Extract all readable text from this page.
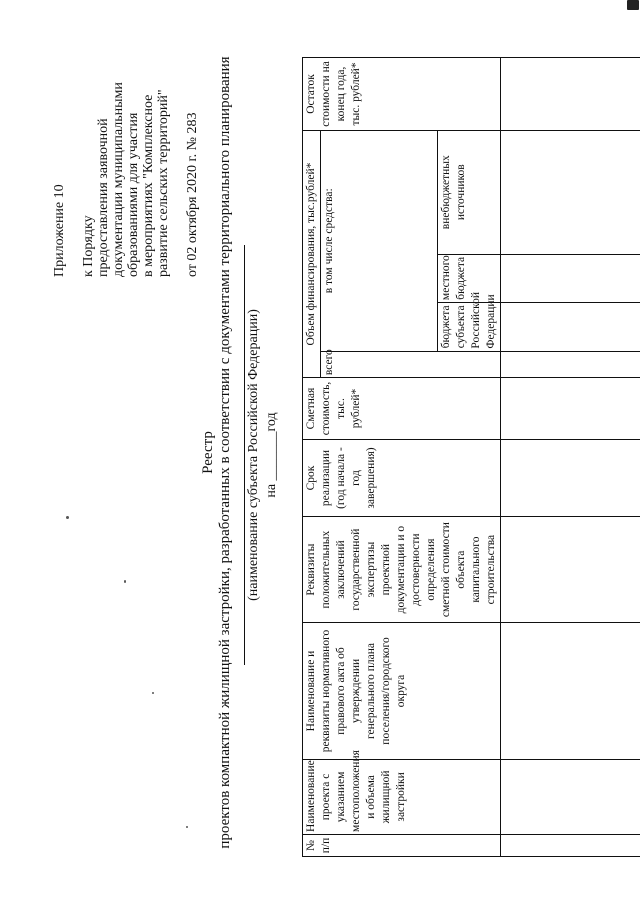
Приложение 10 к Порядку предоставления заявочной документации муниципальными образованиями для участия в мероприятиях "Комплексное развитие сельских территорий" от 02 октября 2020 г. № 283
Реестр проектов компактной жилищной застройки, разработанных в соответствии с документами территориального планирования (наименование субъекта Российской Федерации) на _______год
№ п/п	Наименование проекта с указанием местоположения и объема жилищной застройки	Наименование и реквизиты нормативного правового акта об утверждении генерального плана поселения/городского округа	Реквизиты положительных заключений государственной экспертизы проектной документации и о достоверности определения сметной стоимости объекта капитального строительства	Срок реализации (год начала - год завершения)	Сметная стоимость, тыс. рублей*	Объем финансирования, тыс.рублей*				Остаток стоимости на конец года, тыс. рублей*
						всего	в том числе средства:			
							бюджета субъекта Российской Федерации	местного бюджета	внебюджетных источников	
